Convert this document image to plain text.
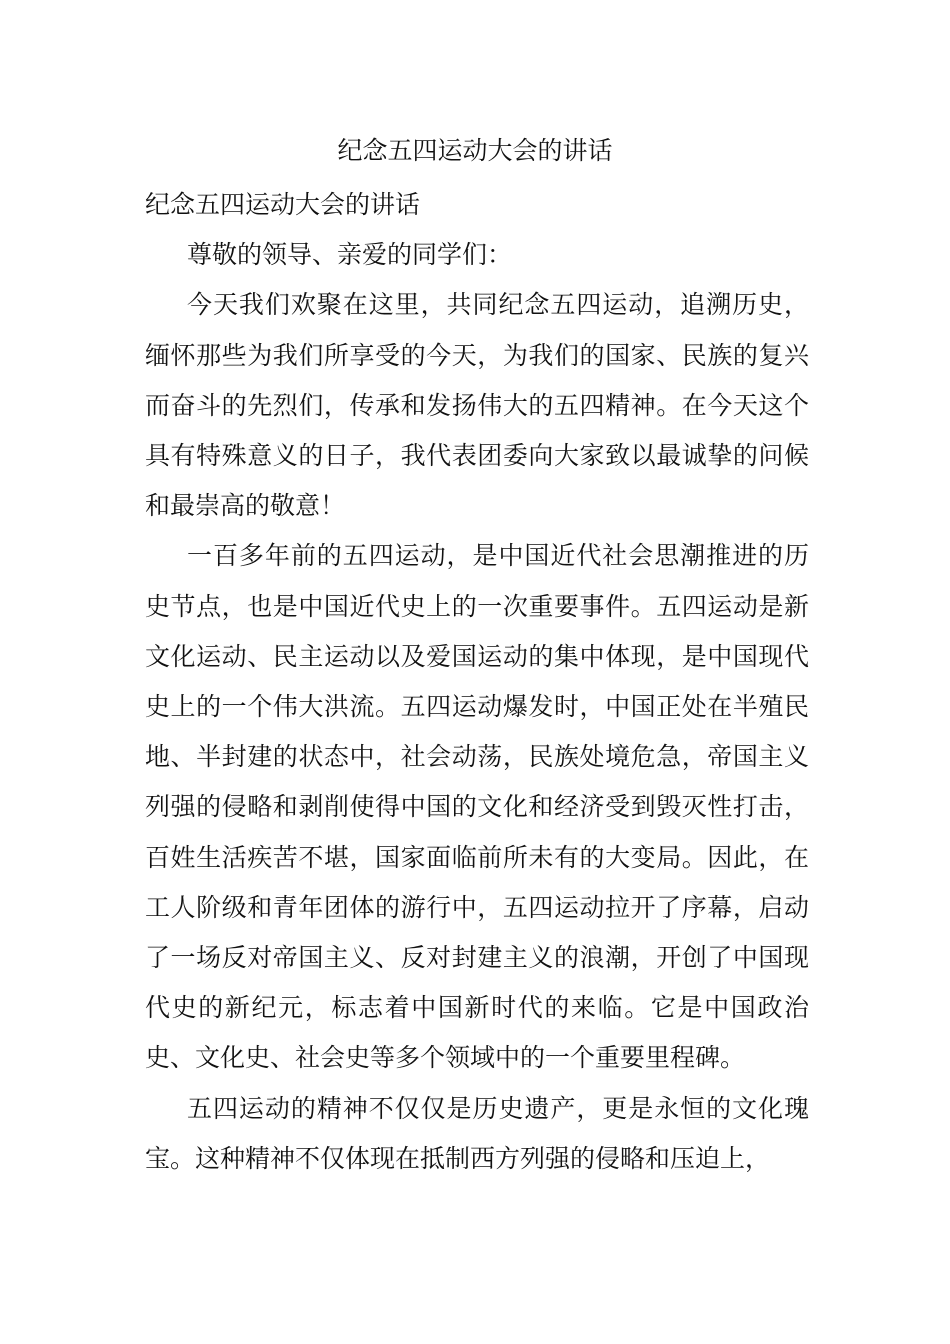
纪念五四运动大会的讲话

纪念五四运动大会的讲话

尊敬的领导、亲爱的同学们：

今天我们欢聚在这里，共同纪念五四运动，追溯历史，缅怀那些为我们所享受的今天，为我们的国家、民族的复兴而奋斗的先烈们，传承和发扬伟大的五四精神。在今天这个具有特殊意义的日子，我代表团委向大家致以最诚挚的问候和最崇高的敬意！

一百多年前的五四运动，是中国近代社会思潮推进的历史节点，也是中国近代史上的一次重要事件。五四运动是新文化运动、民主运动以及爱国运动的集中体现，是中国现代史上的一个伟大洪流。五四运动爆发时，中国正处在半殖民地、半封建的状态中，社会动荡，民族处境危急，帝国主义列强的侵略和剥削使得中国的文化和经济受到毁灭性打击，百姓生活疾苦不堪，国家面临前所未有的大变局。因此，在工人阶级和青年团体的游行中，五四运动拉开了序幕，启动了一场反对帝国主义、反对封建主义的浪潮，开创了中国现代史的新纪元，标志着中国新时代的来临。它是中国政治史、文化史、社会史等多个领域中的一个重要里程碑。

五四运动的精神不仅仅是历史遗产，更是永恒的文化瑰宝。这种精神不仅体现在抵制西方列强的侵略和压迫上，
